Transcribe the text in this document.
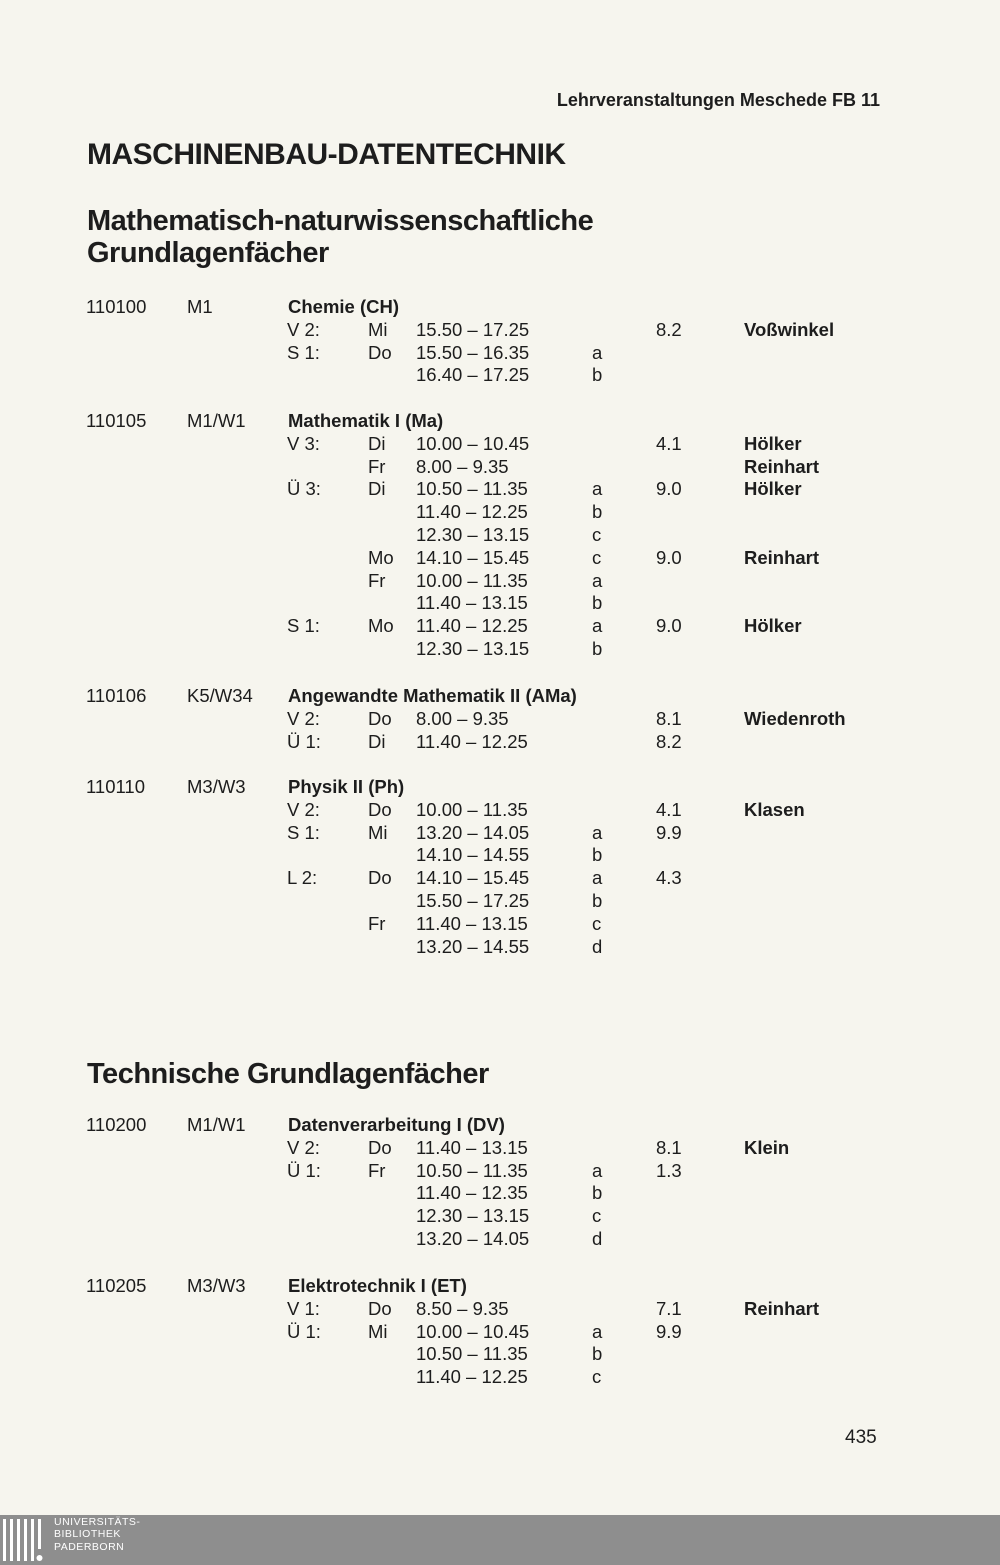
Lehrveranstaltungen Meschede FB 11
MASCHINENBAU-DATENTECHNIK
Mathematisch-naturwissenschaftliche
Grundlagenfächer
110100 M1	Chemie (CH)
V 2:	Mi 15.50 – 17.25	8.2	Voßwinkel
S 1:	Do 15.50 – 16.35	a
16.40 – 17.25	b
110105 M1/W1 Mathematik I (Ma)
V 3:	Di 10.00 – 10.45	4.1	Hölker
Fr 8.00 – 9.35	Reinhart
Ü 3:	Di 10.50 – 11.35	a	9.0	Hölker
11.40 – 12.25	b
12.30 – 13.15	c
Mo 14.10 – 15.45	c	9.0	Reinhart
Fr 10.00 – 11.35	a
11.40 – 13.15	b
S 1:	Mo 11.40 – 12.25	a	9.0	Hölker
12.30 – 13.15	b
110106 K5/W34 Angewandte Mathematik II (AMa)
V 2:	Do 8.00 – 9.35	8.1	Wiedenroth
Ü 1:	Di 11.40 – 12.25	8.2
110110 M3/W3 Physik II (Ph)
V 2:	Do 10.00 – 11.35	4.1	Klasen
S 1:	Mi 13.20 – 14.05	a	9.9
14.10 – 14.55	b
L 2:	Do 14.10 – 15.45	a	4.3
15.50 – 17.25	b
Fr 11.40 – 13.15	c
13.20 – 14.55	d
Technische Grundlagenfächer
110200 M1/W1 Datenverarbeitung I (DV)
V 2:	Do 11.40 – 13.15	8.1	Klein
Ü 1:	Fr 10.50 – 11.35	a	1.3
11.40 – 12.35	b
12.30 – 13.15	c
13.20 – 14.05	d
110205 M3/W3 Elektrotechnik I (ET)
V 1:	Do 8.50 – 9.35	7.1	Reinhart
Ü 1:	Mi 10.00 – 10.45	a	9.9
10.50 – 11.35	b
11.40 – 12.25	c
435
UNIVERSITÄTS-
BIBLIOTHEK
PADERBORN
